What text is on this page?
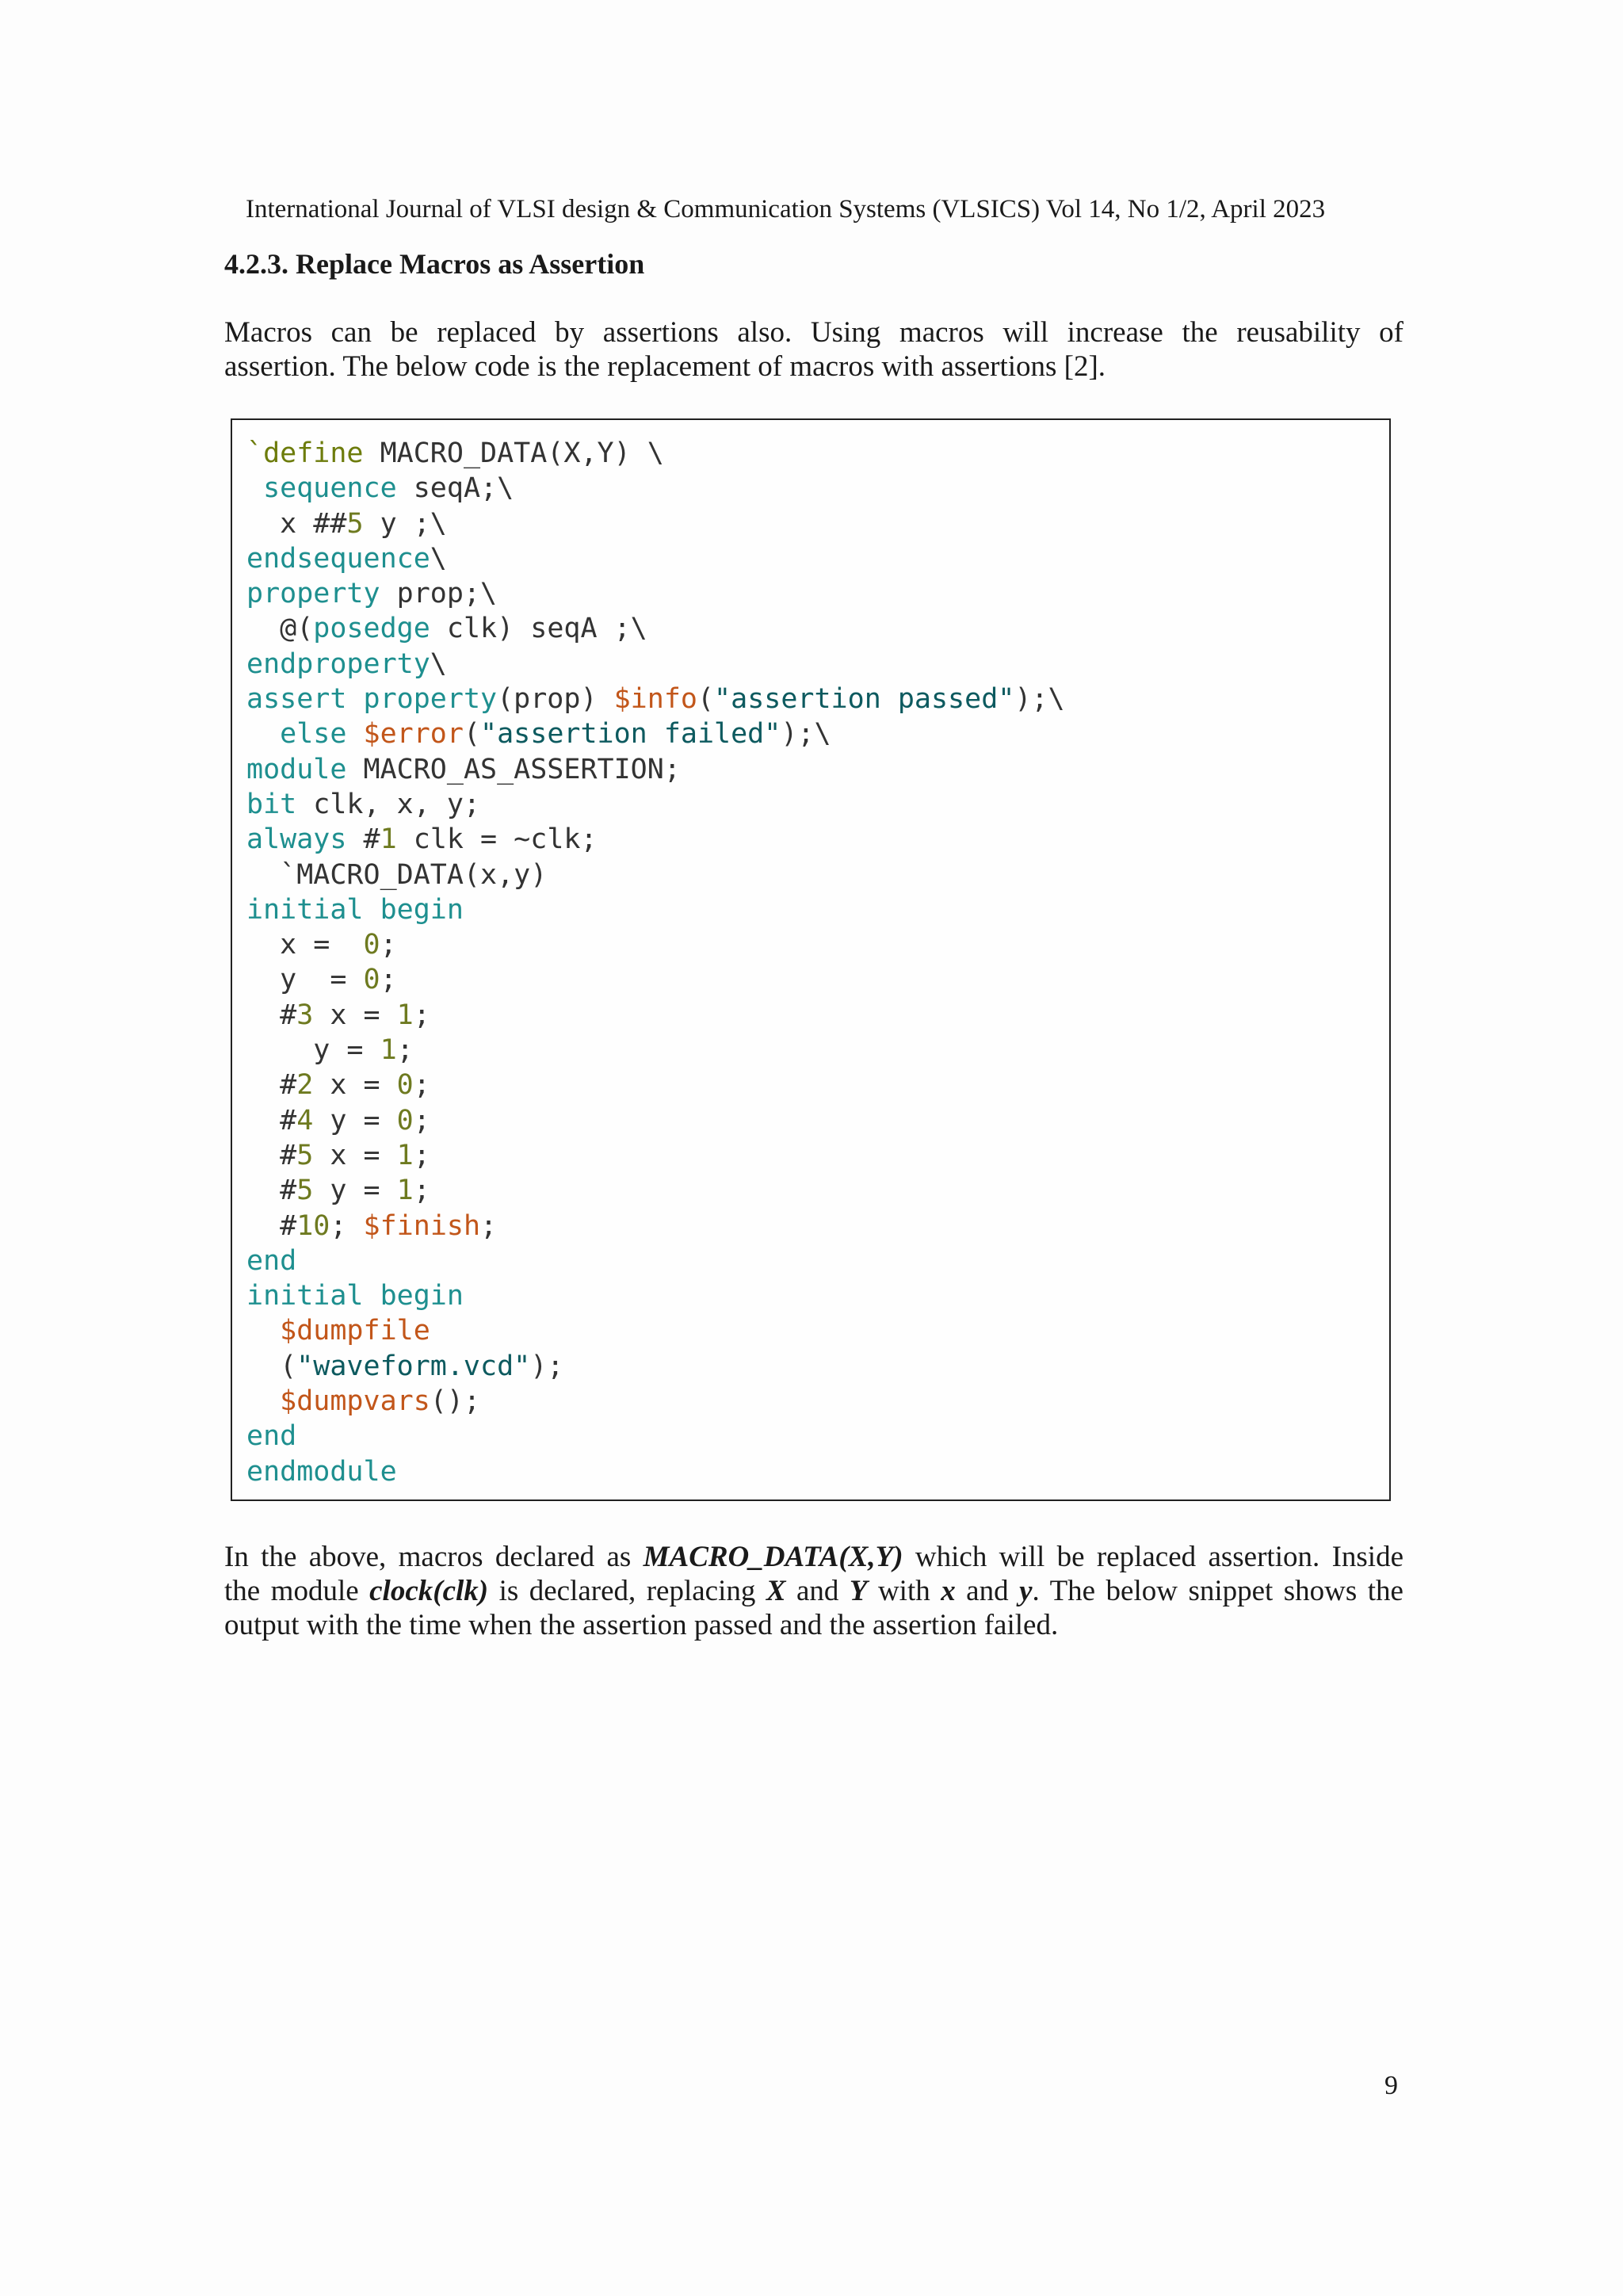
International Journal of VLSI design & Communication Systems (VLSICS) Vol 14, No 1/2, April 2023
4.2.3. Replace Macros as Assertion
Macros can be replaced by assertions also. Using macros will increase the reusability of
assertion. The below code is the replacement of macros with assertions [2].
`define MACRO_DATA(X,Y) \
sequence seqA;\
x ##5 y ;\
endsequence\
property prop;\
@(posedge clk) seqA ;\
endproperty\
assert property(prop) $info("assertion passed");\
else $error("assertion failed");\
module MACRO_AS_ASSERTION;
bit clk, x, y;
always #1 clk = ~clk;
`MACRO_DATA(x,y)
initial begin
x =  0;
y  = 0;
#3 x = 1;
y = 1;
#2 x = 0;
#4 y = 0;
#5 x = 1;
#5 y = 1;
#10; $finish;
end
initial begin
$dumpfile
("waveform.vcd");
$dumpvars();
end
endmodule
In the above, macros declared as MACRO_DATA(X,Y) which will be replaced assertion. Inside
the module clock(clk) is declared, replacing X and Y with x and y. The below snippet shows the
output with the time when the assertion passed and the assertion failed.
9
